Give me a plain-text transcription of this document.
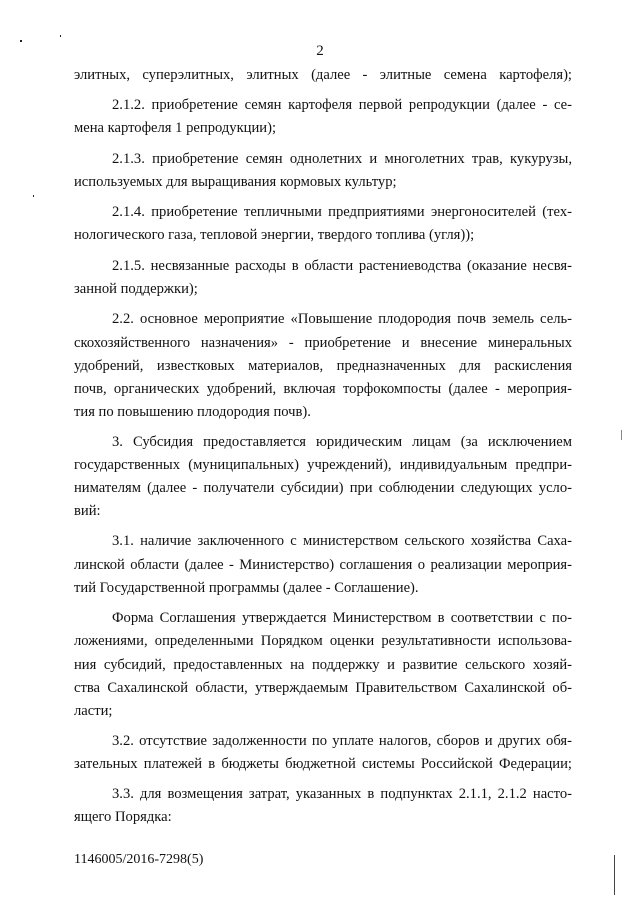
2
элитных, суперэлитных, элитных (далее - элитные семена картофеля);
2.1.2. приобретение семян картофеля первой репродукции (далее - се-
мена картофеля 1 репродукции);
2.1.3. приобретение семян однолетних и многолетних трав, кукурузы,
используемых для выращивания кормовых культур;
2.1.4. приобретение тепличными предприятиями энергоносителей (тех-
нологического газа, тепловой энергии, твердого топлива (угля));
2.1.5. несвязанные расходы в области растениеводства (оказание несвя-
занной поддержки);
2.2. основное мероприятие «Повышение плодородия почв земель сель-
скохозяйственного назначения» - приобретение и внесение минеральных
удобрений, известковых материалов, предназначенных для раскисления
почв, органических удобрений, включая торфокомпосты (далее - мероприя-
тия по повышению плодородия почв).
3. Субсидия предоставляется юридическим лицам (за исключением
государственных (муниципальных) учреждений), индивидуальным предпри-
нимателям (далее - получатели субсидии) при соблюдении следующих усло-
вий:
3.1. наличие заключенного с министерством сельского хозяйства Саха-
линской области (далее - Министерство) соглашения о реализации мероприя-
тий Государственной программы (далее - Соглашение).
Форма Соглашения утверждается Министерством в соответствии с по-
ложениями, определенными Порядком оценки результативности использова-
ния субсидий, предоставленных на поддержку и развитие сельского хозяй-
ства Сахалинской области, утверждаемым Правительством Сахалинской об-
ласти;
3.2. отсутствие задолженности по уплате налогов, сборов и других обя-
зательных платежей в бюджеты бюджетной системы Российской Федерации;
3.3. для возмещения затрат, указанных в подпунктах 2.1.1, 2.1.2 насто-
ящего Порядка:
1146005/2016-7298(5)
